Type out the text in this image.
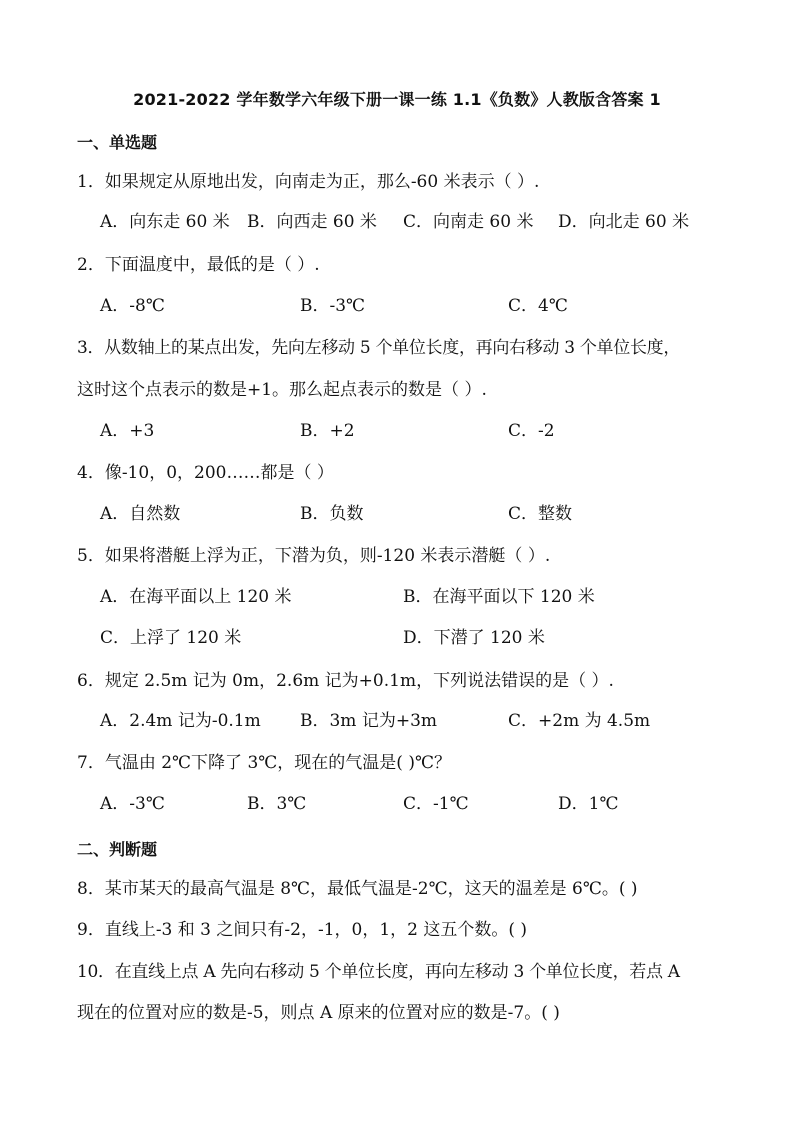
2021-2022 学年数学六年级下册一课一练 1.1《负数》人教版含答案 1
一、单选题
1．如果规定从原地出发，向南走为正，那么-60 米表示（ ）.
A．向东走 60 米 B．向西走 60 米 C．向南走 60 米 D．向北走 60 米
2．下面温度中，最低的是（ ）.
A．-8℃	B．-3℃	C．4℃
3．从数轴上的某点出发，先向左移动 5 个单位长度，再向右移动 3 个单位长度，
这时这个点表示的数是+1。那么起点表示的数是（ ）.
A．+3	B．+2	C．-2
4．像-10，0，200……都是（ ）
A．自然数	B．负数	C．整数
5．如果将潜艇上浮为正，下潜为负，则-120 米表示潜艇（ ）.
A．在海平面以上 120 米	B．在海平面以下 120 米
C．上浮了 120 米	D．下潜了 120 米
6．规定 2.5m 记为 0m，2.6m 记为+0.1m，下列说法错误的是（ ）.
A．2.4m 记为-0.1m B．3m 记为+3m	C．+2m 为 4.5m
7．气温由 2℃下降了 3℃，现在的气温是( )℃？
A．-3℃	B．3℃	C．-1℃	D．1℃
二、判断题
8．某市某天的最高气温是 8℃，最低气温是-2℃，这天的温差是 6℃。( )
9．直线上-3 和 3 之间只有-2，-1，0，1，2 这五个数。( )
10．在直线上点 A 先向右移动 5 个单位长度，再向左移动 3 个单位长度，若点 A
现在的位置对应的数是-5，则点 A 原来的位置对应的数是-7。( )
